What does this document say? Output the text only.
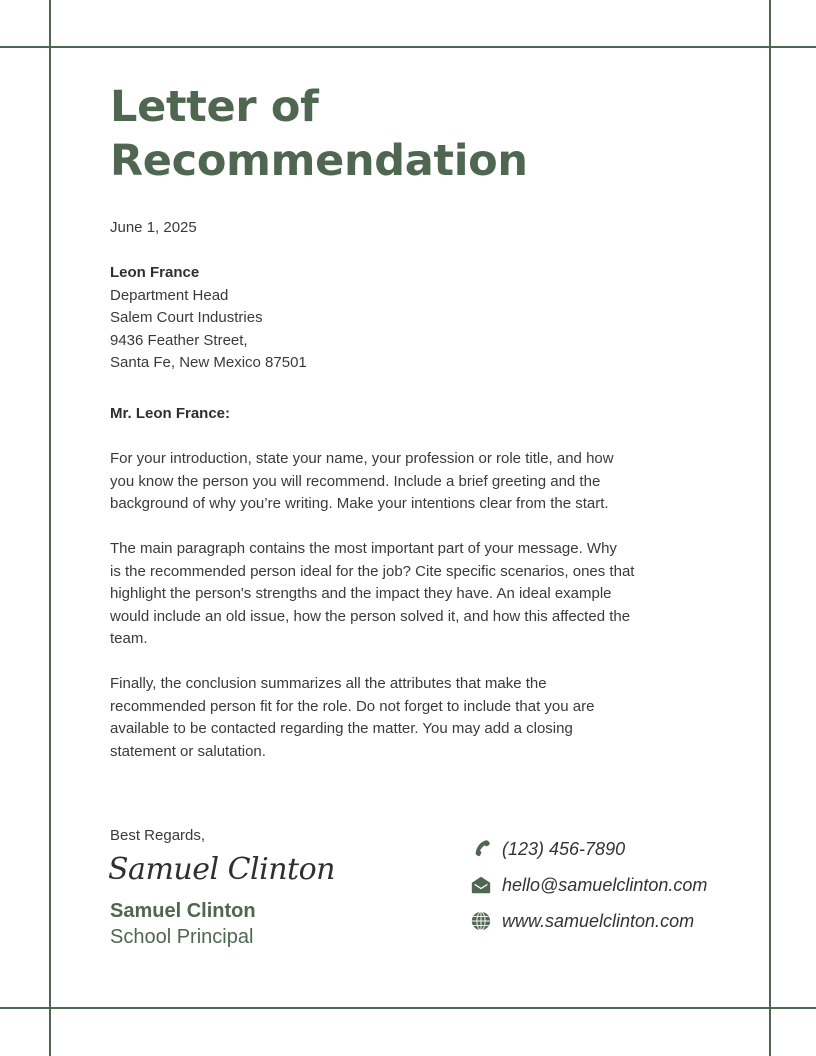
Letter of
Recommendation
June 1, 2025
Leon France
Department Head
Salem Court Industries
9436 Feather Street,
Santa Fe, New Mexico 87501
Mr. Leon France:
For your introduction, state your name, your profession or role title, and how
you know the person you will recommend. Include a brief greeting and the
background of why you’re writing. Make your intentions clear from the start.
The main paragraph contains the most important part of your message. Why
is the recommended person ideal for the job? Cite specific scenarios, ones that
highlight the person's strengths and the impact they have. An ideal example
would include an old issue, how the person solved it, and how this affected the
team.
Finally, the conclusion summarizes all the attributes that make the
recommended person fit for the role. Do not forget to include that you are
available to be contacted regarding the matter. You may add a closing
statement or salutation.
Best Regards,
Samuel Clinton
Samuel Clinton
School Principal
(123) 456-7890
hello@samuelclinton.com
www.samuelclinton.com
